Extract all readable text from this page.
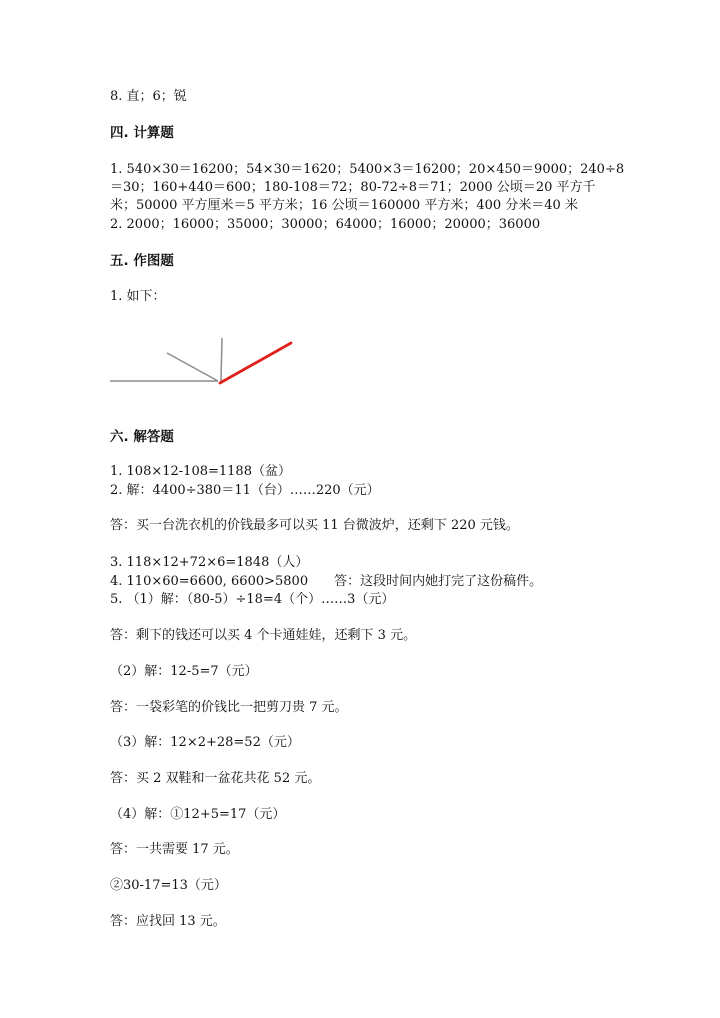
8. 直；6；锐
四. 计算题
1. 540×30＝16200；54×30＝1620；5400×3＝16200；20×450＝9000；240÷8
＝30；160+440＝600；180-108＝72；80-72÷8＝71；2000 公顷＝20 平方千
米；50000 平方厘米＝5 平方米；16 公顷＝160000 平方米；400 分米＝40 米
2. 2000；16000；35000；30000；64000；16000；20000；36000
五. 作图题
1. 如下：
六. 解答题
1. 108×12-108=1188（盆）
2. 解：4400÷380＝11（台）……220（元）
答：买一台洗衣机的价钱最多可以买 11 台微波炉，还剩下 220 元钱。
3. 118×12+72×6=1848（人）
4. 110×60=6600, 6600>5800　　答：这段时间内她打完了这份稿件。
5. （1）解：（80-5）÷18=4（个）……3（元）
答：剩下的钱还可以买 4 个卡通娃娃，还剩下 3 元。
（2）解：12-5=7（元）
答：一袋彩笔的价钱比一把剪刀贵 7 元。
（3）解：12×2+28=52（元）
答：买 2 双鞋和一盆花共花 52 元。
（4）解：①12+5=17（元）
答：一共需要 17 元。
②30-17=13（元）
答：应找回 13 元。
